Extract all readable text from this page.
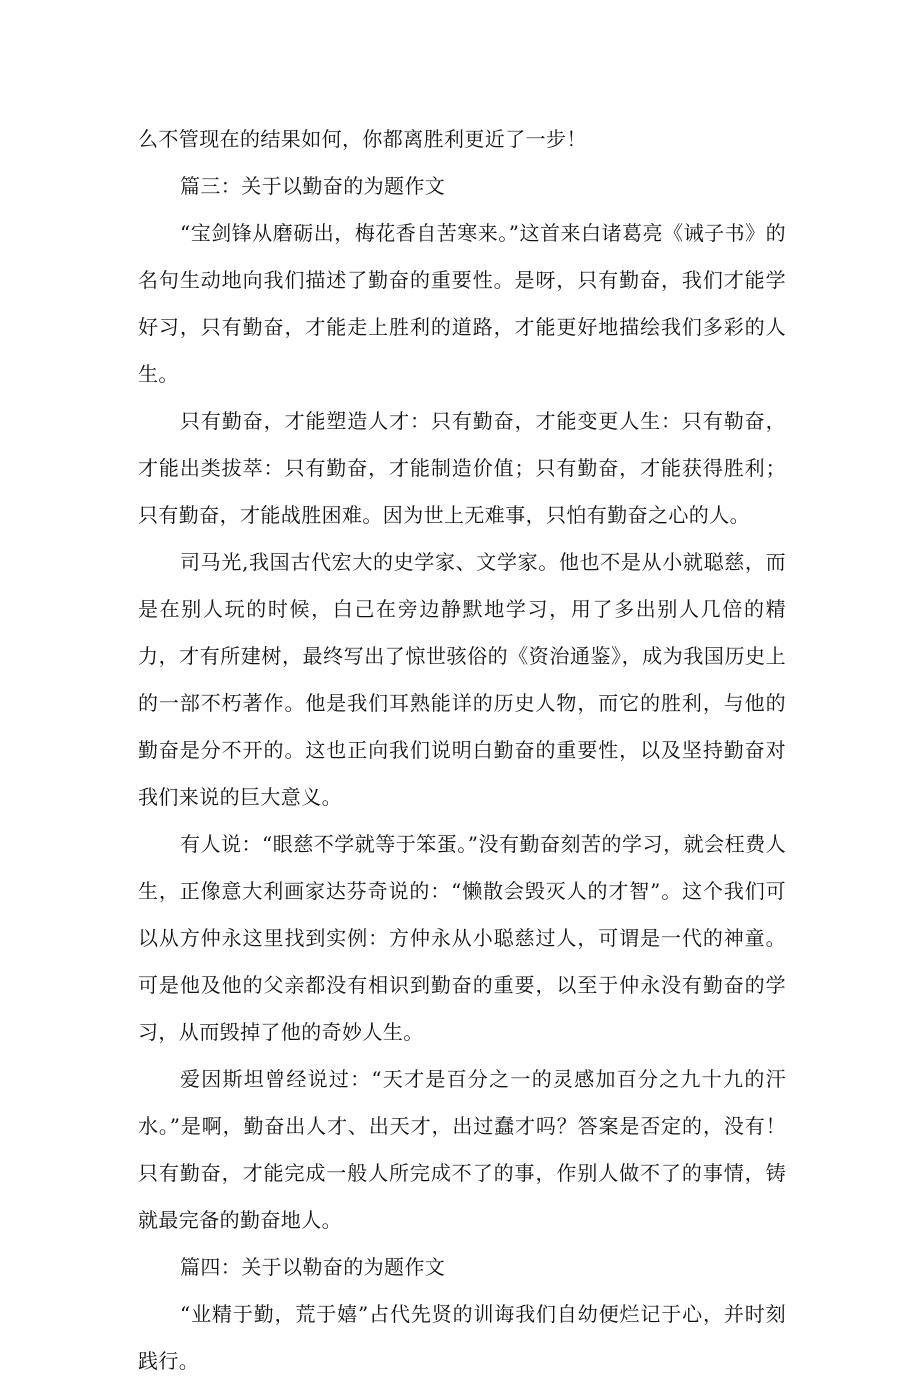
么不管现在的结果如何，你都离胜利更近了一步！

篇三：关于以勤奋的为题作文

“宝剑锋从磨砺出，梅花香自苦寒来。”这首来白诸葛亮《诫子书》的名句生动地向我们描述了勤奋的重要性。是呀，只有勤奋，我们才能学好习，只有勤奋，才能走上胜利的道路，才能更好地描绘我们多彩的人生。

只有勤奋，才能塑造人才：只有勤奋，才能变更人生：只有勒奋，才能出类拔萃：只有勤奋，才能制造价值；只有勤奋，才能获得胜利；只有勤奋，才能战胜困难。因为世上无难事，只怕有勤奋之心的人。

司马光,我国古代宏大的史学家、文学家。他也不是从小就聪慈，而是在别人玩的时候，白己在旁边静默地学习，用了多出别人几倍的精力，才有所建树，最终写出了惊世骇俗的《资治通鉴》，成为我国历史上的一部不朽著作。他是我们耳熟能详的历史人物，而它的胜利，与他的勤奋是分不开的。这也正向我们说明白勤奋的重要性，以及坚持勤奋对我们来说的巨大意义。

有人说：“眼慈不学就等于笨蛋。”没有勤奋刻苦的学习，就会枉费人生，正像意大利画家达芬奇说的：“懒散会毁灭人的才智”。这个我们可以从方仲永这里找到实例：方仲永从小聪慈过人，可谓是一代的神童。可是他及他的父亲都没有相识到勤奋的重要，以至于仲永没有勤奋的学习，从而毁掉了他的奇妙人生。

爱因斯坦曾经说过：“天才是百分之一的灵感加百分之九十九的汗水。”是啊，勤奋出人才、出天才，出过蠢才吗？答案是否定的，没有！只有勤奋，才能完成一般人所完成不了的事，作别人做不了的事情，铸就最完备的勤奋地人。

篇四：关于以勒奋的为题作文

“业精于勤，荒于嬉”占代先贤的训诲我们自幼便烂记于心，并时刻践行。
